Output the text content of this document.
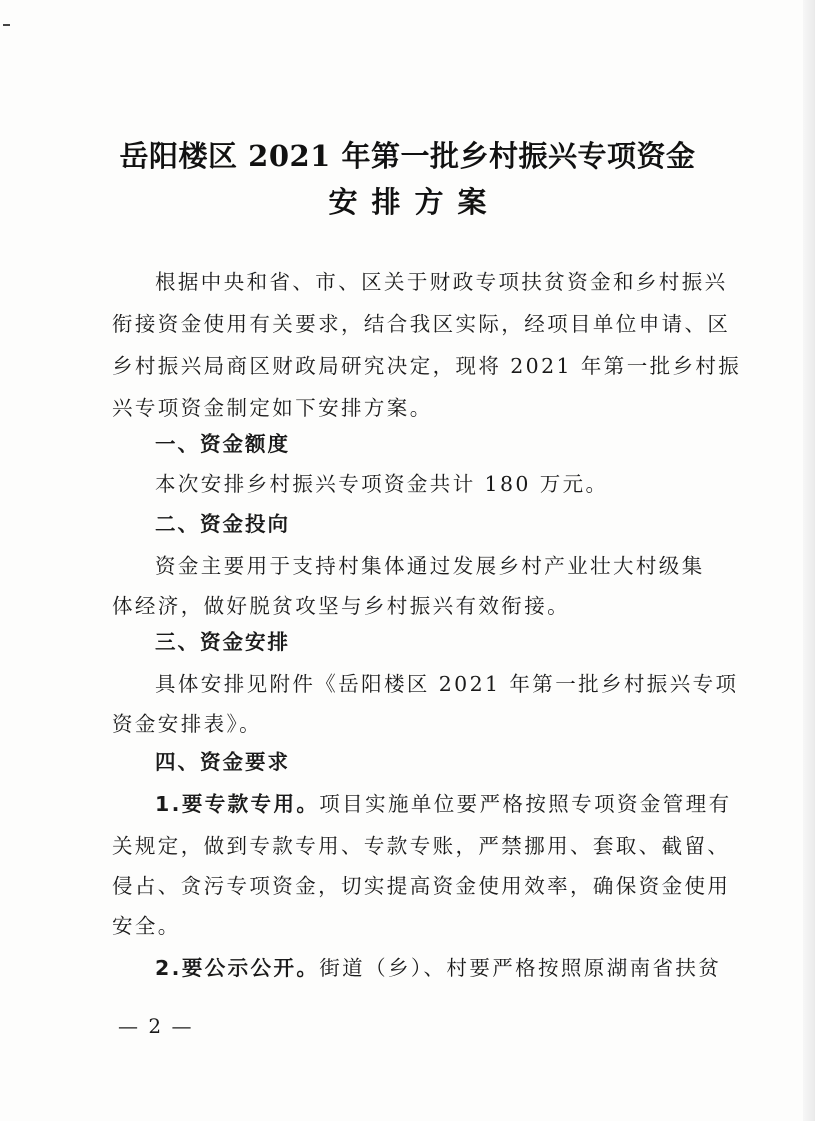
岳阳楼区 2021 年第一批乡村振兴专项资金
安排方案
根据中央和省、市、区关于财政专项扶贫资金和乡村振兴
衔接资金使用有关要求，结合我区实际，经项目单位申请、区
乡村振兴局商区财政局研究决定，现将 2021 年第一批乡村振
兴专项资金制定如下安排方案。
一、资金额度
本次安排乡村振兴专项资金共计 180 万元。
二、资金投向
资金主要用于支持村集体通过发展乡村产业壮大村级集
体经济，做好脱贫攻坚与乡村振兴有效衔接。
三、资金安排
具体安排见附件《岳阳楼区 2021 年第一批乡村振兴专项
资金安排表》。
四、资金要求
1.要专款专用。项目实施单位要严格按照专项资金管理有
关规定，做到专款专用、专款专账，严禁挪用、套取、截留、
侵占、贪污专项资金，切实提高资金使用效率，确保资金使用
安全。
2.要公示公开。街道（乡）、村要严格按照原湖南省扶贫
— 2 —
